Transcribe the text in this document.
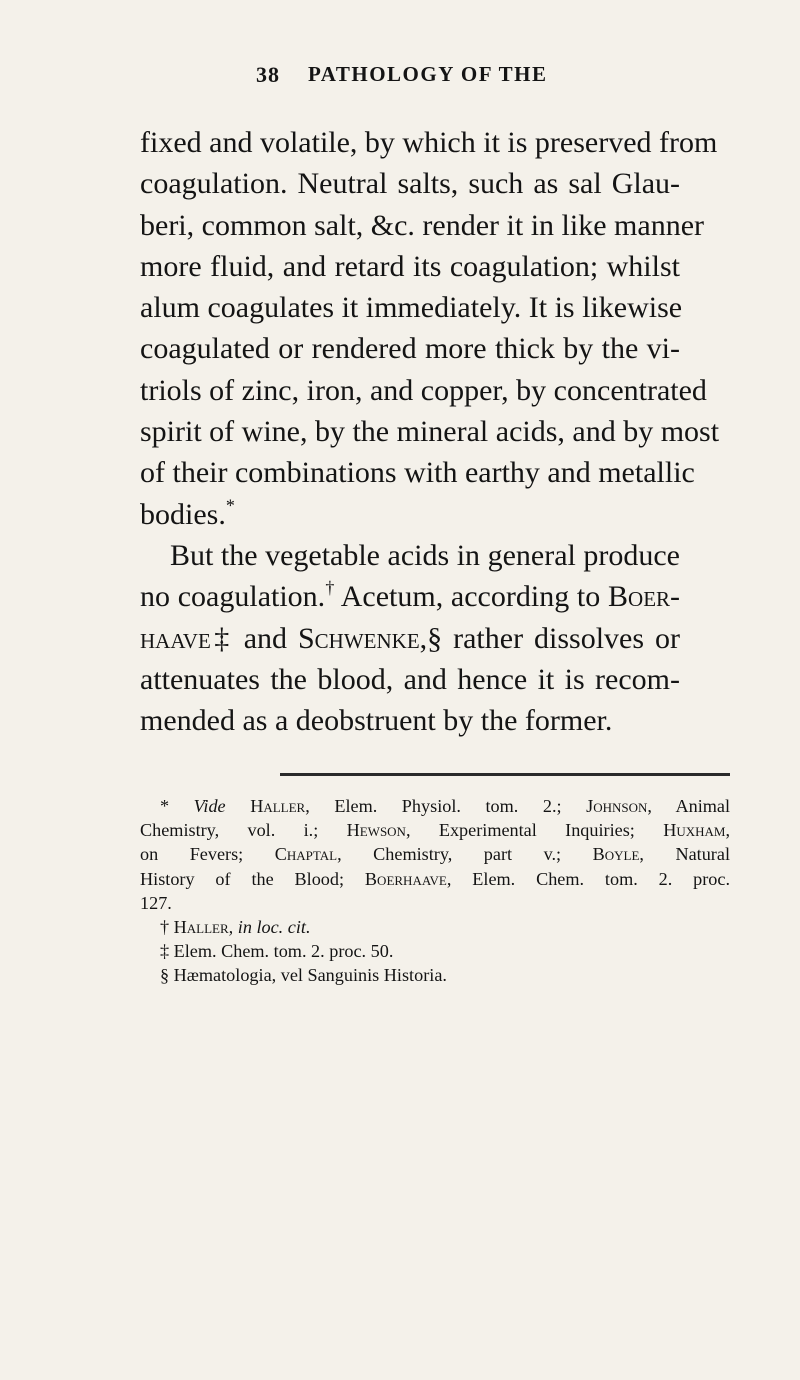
38 PATHOLOGY OF THE
fixed and volatile, by which it is preserved from
coagulation. Neutral salts, such as sal Glau-
beri, common salt, &c. render it in like manner
more fluid, and retard its coagulation; whilst
alum coagulates it immediately. It is likewise
coagulated or rendered more thick by the vi-
triols of zinc, iron, and copper, by concentrated
spirit of wine, by the mineral acids, and by most
of their combinations with earthy and metallic
bodies.*
But the vegetable acids in general produce
no coagulation.† Acetum, according to Boer-
haave‡ and Schwenke,§ rather dissolves or
attenuates the blood, and hence it is recom-
mended as a deobstruent by the former.
* Vide Haller, Elem. Physiol. tom. 2.; Johnson, Animal
Chemistry, vol. i.; Hewson, Experimental Inquiries; Huxham,
on Fevers; Chaptal, Chemistry, part v.; Boyle, Natural
History of the Blood; Boerhaave, Elem. Chem. tom. 2. proc.
127.
† Haller, in loc. cit.
‡ Elem. Chem. tom. 2. proc. 50.
§ Hæmatologia, vel Sanguinis Historia.
